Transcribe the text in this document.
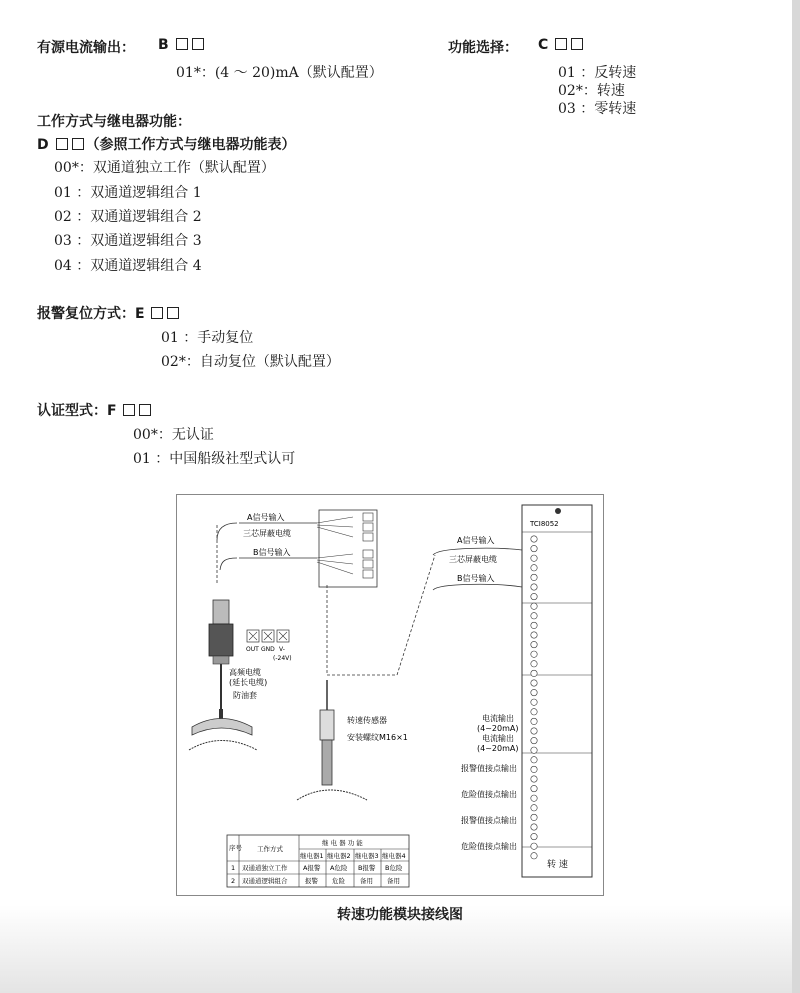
有源电流输出： B
01*：(4 ～ 20)mA（默认配置）
功能选择： C
01 ：反转速
02*：转速
03 ：零转速
工作方式与继电器功能：
D	（参照工作方式与继电器功能表）
00*：双通道独立工作（默认配置）
01 ：双通道逻辑组合 1
02 ：双通道逻辑组合 2
03 ：双通道逻辑组合 3
04 ：双通道逻辑组合 4
报警复位方式：E
01 ：手动复位
02*：自动复位（默认配置）
认证型式：F
00*：无认证
01 ：中国船级社型式认可
A信号输入
三芯屏蔽电缆
B信号输入
OUT GND V-
(-24V)
高频电缆
(延长电缆)
防油套
转速传感器
安装螺纹M16×1
A信号输入
三芯屏蔽电缆
B信号输入
TCI8052
转 速
电流输出
(4~20mA)
电流输出
(4~20mA)
报警值接点输出
危险值接点输出
报警值接点输出
危险值接点输出
序号 工作方式
继 电 器 功 能
继电器1 继电器2 继电器3 继电器4
1 双通道独立工作 A报警 A危险 B报警 B危险
2 双通道逻辑组合	报警 危险 备用 备用
转速功能模块接线图
